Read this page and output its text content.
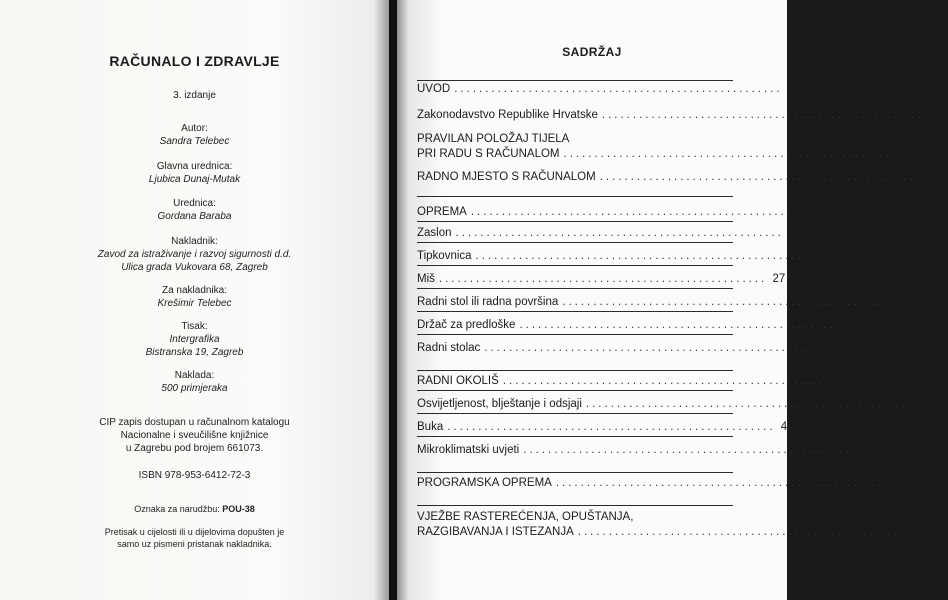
RAČUNALO I ZDRAVLJE
3. izdanje
Autor:
Sandra Telebec
Glavna urednica:
Ljubica Dunaj-Mutak
Urednica:
Gordana Baraba
Nakladnik:
Zavod za istraživanje i razvoj sigurnosti d.d.
Ulica grada Vukovara 68, Zagreb
Za nakladnika:
Krešimir Telebec
Tisak:
Intergrafika
Bistranska 19, Zagreb
Naklada:
500 primjeraka
CIP zapis dostupan u računalnom katalogu
Nacionalne i sveučilišne knjižnice
u Zagrebu pod brojem 661073.
ISBN 978-953-6412-72-3
Oznaka za narudžbu: POU-38
Pretisak u cijelosti ili u dijelovima dopušten je
samo uz pismeni pristanak nakladnika.
SADRŽAJ
UVOD .....................................................	5
Zakonodavstvo Republike Hrvatske .....................................................	7
PRAVILAN POLOŽAJ TIJELA
PRI RADU S RAČUNALOM .....................................................	9
RADNO MJESTO S RAČUNALOM ..................................................... 11
OPREMA ..................................................... 13
Zaslon ..................................................... 13
Tipkovnica ..................................................... 20
Miš ..................................................... 27
Radni stol ili radna površina ..................................................... 30
Držač za predloške ..................................................... 36
Radni stolac ..................................................... 37
RADNI OKOLIŠ ..................................................... 47
Osvijetljenost, blještanje i odsjaji ..................................................... 47
Buka ..................................................... 49
Mikroklimatski uvjeti ..................................................... 51
PROGRAMSKA OPREMA ..................................................... 55
VJEŽBE RASTEREĆENJA, OPUŠTANJA,
RAZGIBAVANJA I ISTEZANJA ..................................................... 57
